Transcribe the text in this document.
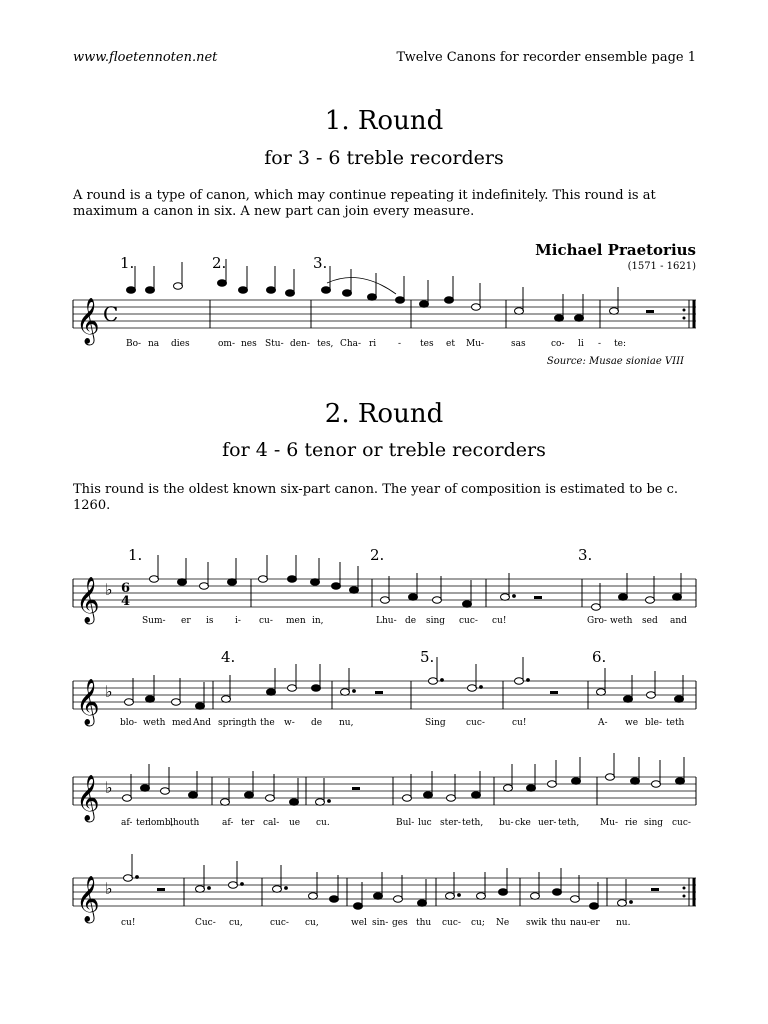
www.floetennoten.net	Twelve Canons for recorder ensemble page 1
1. Round
for 3 - 6 treble recorders
A round is a type of canon, which may continue repeating it indefinitely. This round is at maximum a canon in six. A new part can join every measure.
Michael Praetorius
(1571 - 1621)
Source: Musae sioniae VIII
1.	2.	3.
𝄞 C
Bo- na dies	om- nes Stu- den- tes, Cha- ri - tes et Mu-	sas	co- li - te:
2. Round
for 4 - 6 tenor or treble recorders
This round is the oldest known six-part canon. The year of composition is estimated to be c. 1260.
1.	2.	3.
𝄞 ♭ 6
4
Sum- er is i- cu- men in,	Lhu- de sing cuc- cu!	Gro- weth sed and
4.	5.	6.
𝄞 ♭
blo- weth med And springth the w- de nu,	Sing cuc-	cu!	A- we ble- teth
𝄞 ♭
af- ter
lomb,
lhouth	af- ter cal- ue cu.	Bul- luc ster- teth, bu- cke uer- teth, Mu- rie sing cuc-
𝄞 ♭
cu!	Cuc- cu,	cuc- cu,	wel sin- ges thu cuc- cu; Ne swik thu nau- er nu.
